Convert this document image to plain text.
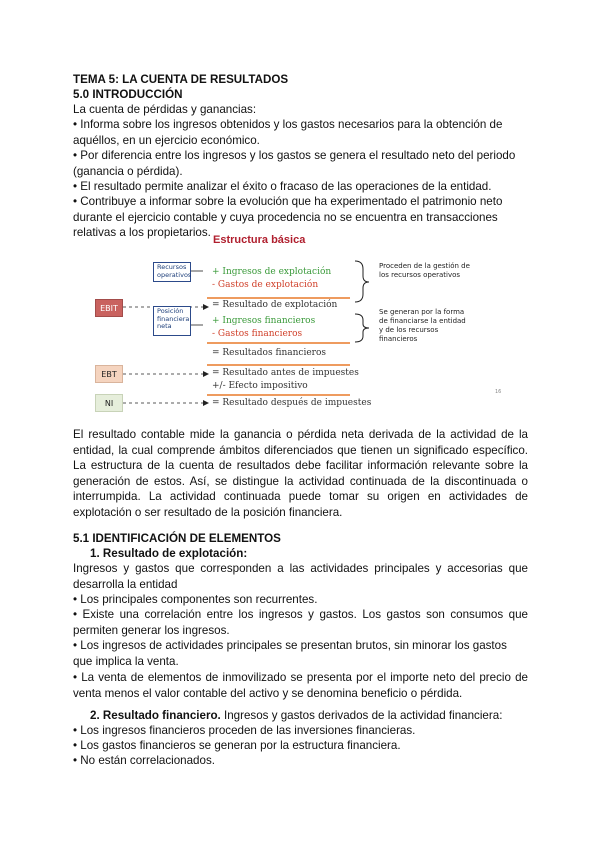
TEMA 5: LA CUENTA DE RESULTADOS

5.0 INTRODUCCIÓN

La cuenta de pérdidas y ganancias:

• Informa sobre los ingresos obtenidos y los gastos necesarios para la obtención de aquéllos, en un ejercicio económico.

• Por diferencia entre los ingresos y los gastos se genera el resultado neto del periodo (ganancia o pérdida).

• El resultado permite analizar el éxito o fracaso de las operaciones de la entidad.

• Contribuye a informar sobre la evolución que ha experimentado el patrimonio neto durante el ejercicio contable y cuya procedencia no se encuentra en transacciones relativas a los propietarios.

Estructura básica
Recursos operativos
Posición financiera neta
+ Ingresos de explotación
- Gastos de explotación
= Resultado de explotación
+ Ingresos financieros
- Gastos financieros
= Resultados financieros
= Resultado antes de impuestes
+/- Efecto impositivo
= Resultado después de impuestes
Proceden de la gestión de los recursos operativos
Se generan por la forma de financiarse la entidad y de los recursos financieros
EBIT
EBT
NI
16

El resultado contable mide la ganancia o pérdida neta derivada de la actividad de la entidad, la cual comprende ámbitos diferenciados que tienen un significado específico. La estructura de la cuenta de resultados debe facilitar información relevante sobre la generación de estos. Así, se distingue la actividad continuada de la discontinuada o interrumpida. La actividad continuada puede tomar su origen en actividades de explotación o ser resultado de la posición financiera.

5.1 IDENTIFICACIÓN DE ELEMENTOS

1. Resultado de explotación:

Ingresos y gastos que corresponden a las actividades principales y accesorias que desarrolla la entidad

• Los principales componentes son recurrentes.

• Existe una correlación entre los ingresos y gastos. Los gastos son consumos que permiten generar los ingresos.

• Los ingresos de actividades principales se presentan brutos, sin minorar los gastos que implica la venta.

• La venta de elementos de inmovilizado se presenta por el importe neto del precio de venta menos el valor contable del activo y se denomina beneficio o pérdida.

2. Resultado financiero. Ingresos y gastos derivados de la actividad financiera:

• Los ingresos financieros proceden de las inversiones financieras.

• Los gastos financieros se generan por la estructura financiera.

• No están correlacionados.
